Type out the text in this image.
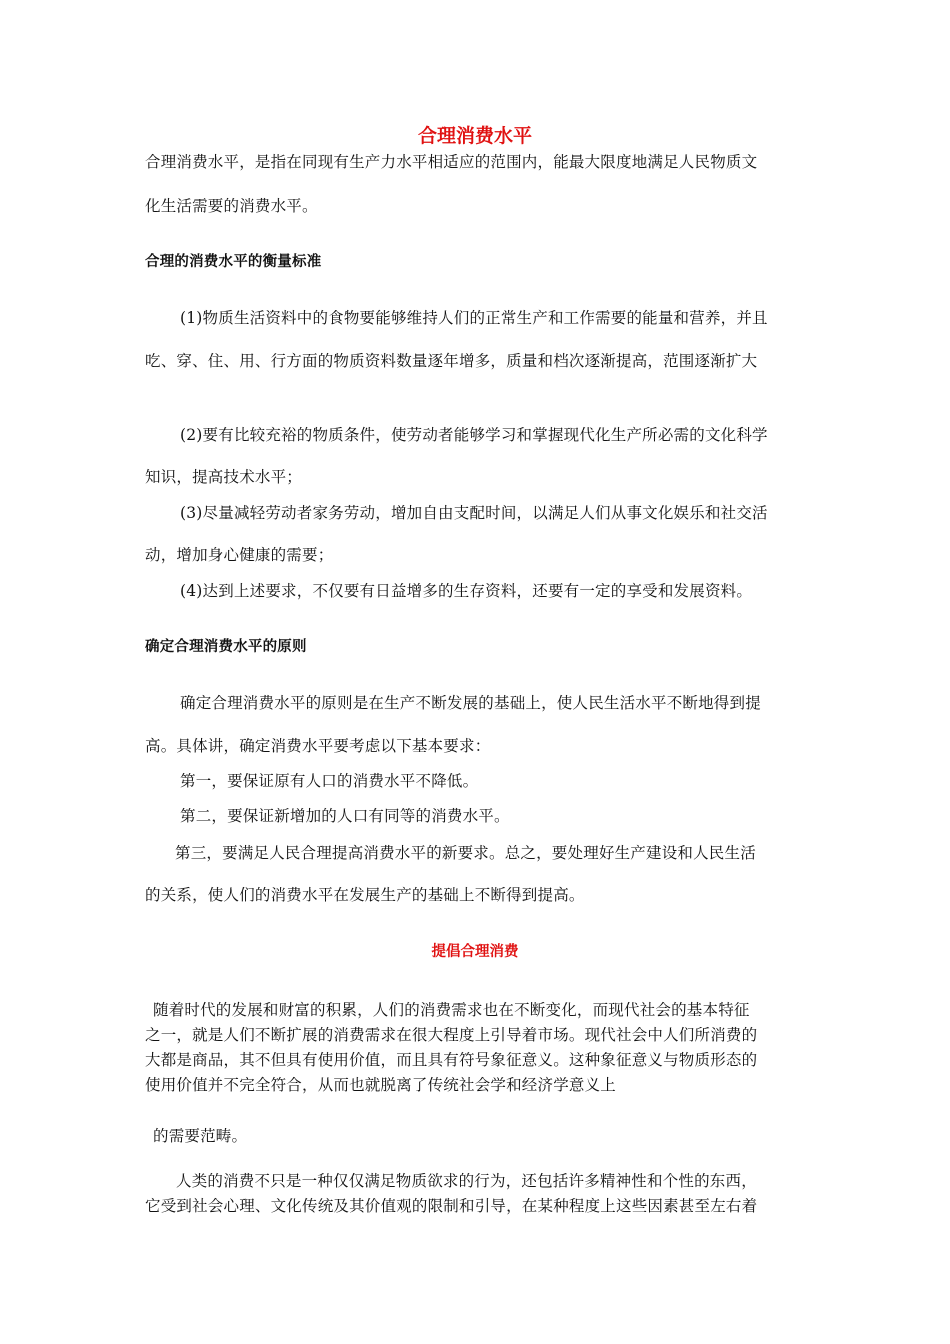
合理消费水平
合理消费水平，是指在同现有生产力水平相适应的范围内，能最大限度地满足人民物质文
化生活需要的消费水平。
合理的消费水平的衡量标准
(1)物质生活资料中的食物要能够维持人们的正常生产和工作需要的能量和营养，并且
吃、穿、住、用、行方面的物质资料数量逐年增多，质量和档次逐渐提高，范围逐渐扩大
(2)要有比较充裕的物质条件，使劳动者能够学习和掌握现代化生产所必需的文化科学
知识，提高技术水平；
(3)尽量减轻劳动者家务劳动，增加自由支配时间，以满足人们从事文化娱乐和社交活
动，增加身心健康的需要；
(4)达到上述要求，不仅要有日益增多的生存资料，还要有一定的享受和发展资料。
确定合理消费水平的原则
确定合理消费水平的原则是在生产不断发展的基础上，使人民生活水平不断地得到提
高。具体讲，确定消费水平要考虑以下基本要求：
第一，要保证原有人口的消费水平不降低。
第二，要保证新增加的人口有同等的消费水平。
第三，要满足人民合理提高消费水平的新要求。总之，要处理好生产建设和人民生活
的关系，使人们的消费水平在发展生产的基础上不断得到提高。
提倡合理消费
随着时代的发展和财富的积累，人们的消费需求也在不断变化，而现代社会的基本特征
之一，就是人们不断扩展的消费需求在很大程度上引导着市场。现代社会中人们所消费的
大都是商品，其不但具有使用价值，而且具有符号象征意义。这种象征意义与物质形态的
使用价值并不完全符合，从而也就脱离了传统社会学和经济学意义上
的需要范畴。
人类的消费不只是一种仅仅满足物质欲求的行为，还包括许多精神性和个性的东西，
它受到社会心理、文化传统及其价值观的限制和引导，在某种程度上这些因素甚至左右着
